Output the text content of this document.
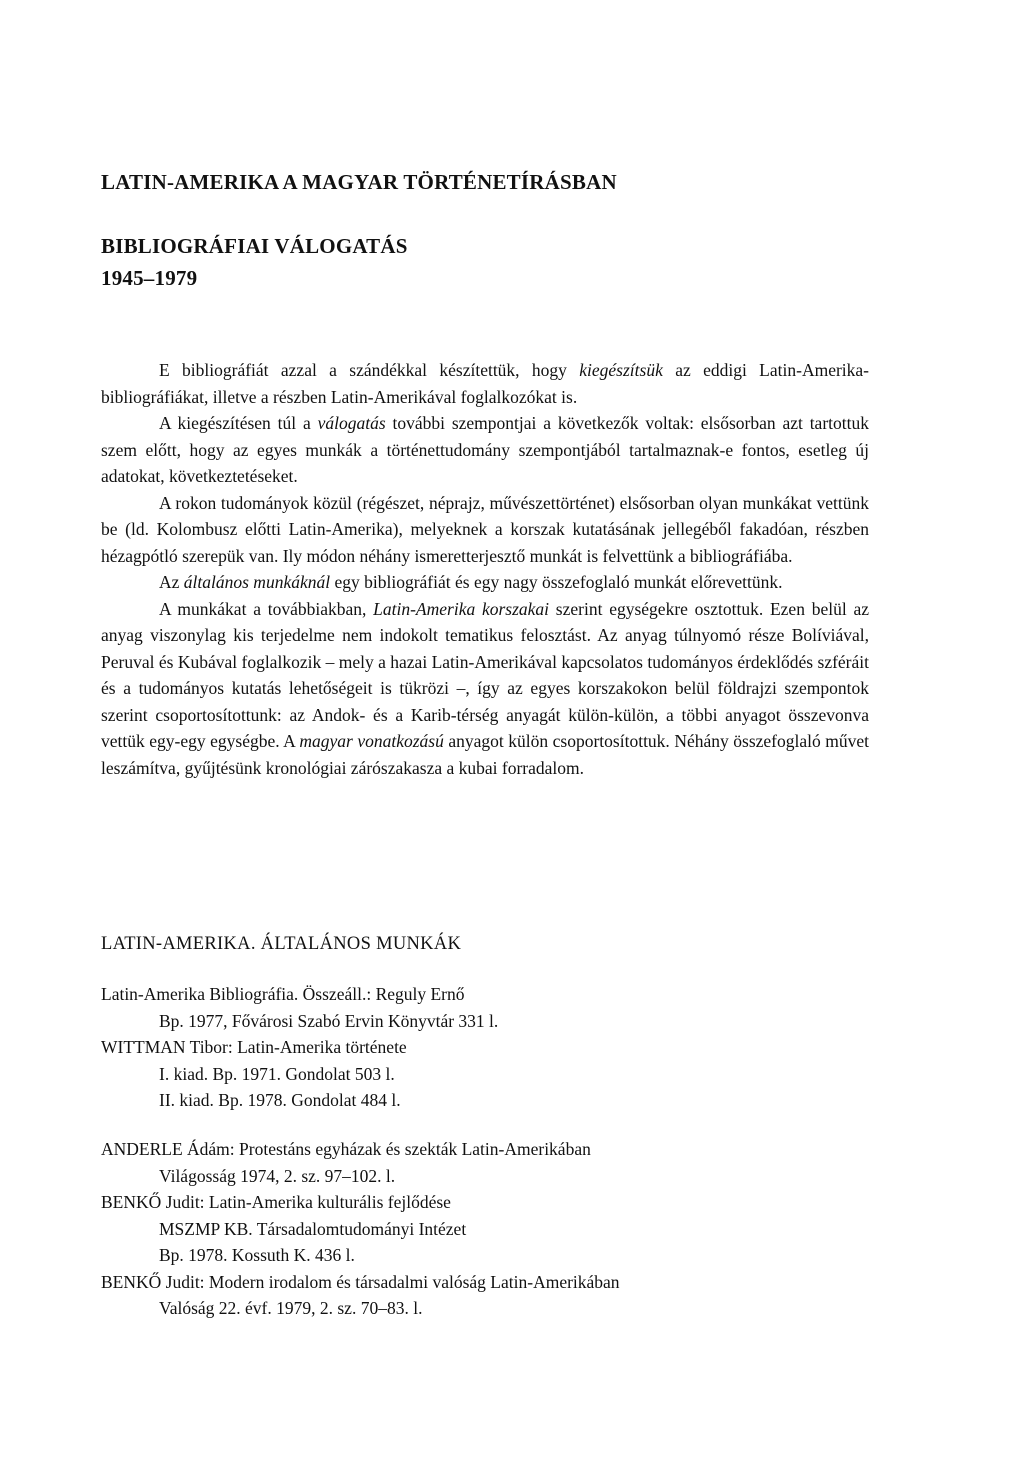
LATIN-AMERIKA A MAGYAR TÖRTÉNETÍRÁSBAN
BIBLIOGRÁFIAI VÁLOGATÁS
1945–1979

E bibliográfiát azzal a szándékkal készítettük, hogy kiegészítsük az eddigi Latin-Amerika-bibliográfiákat, illetve a részben Latin-Amerikával foglalkozókat is.

A kiegészítésen túl a válogatás további szempontjai a következők voltak: elsősorban azt tartottuk szem előtt, hogy az egyes munkák a történettudomány szempontjából tartalmaznak-e fontos, esetleg új adatokat, következtetéseket.

A rokon tudományok közül (régészet, néprajz, művészettörténet) elsősorban olyan munkákat vettünk be (ld. Kolombusz előtti Latin-Amerika), melyeknek a korszak kutatásának jellegéből fakadóan, részben hézagpótló szerepük van. Ily módon néhány ismeretterjesztő munkát is felvettünk a bibliográfiába.

Az általános munkáknál egy bibliográfiát és egy nagy összefoglaló munkát előrevettünk.

A munkákat a továbbiakban, Latin-Amerika korszakai szerint egységekre osztottuk. Ezen belül az anyag viszonylag kis terjedelme nem indokolt tematikus felosztást. Az anyag túlnyomó része Bolíviával, Peruval és Kubával foglalkozik – mely a hazai Latin-Amerikával kapcsolatos tudományos érdeklődés szféráit és a tudományos kutatás lehetőségeit is tükrözi –, így az egyes korszakokon belül földrajzi szempontok szerint csoportosítottunk: az Andok- és a Karib-térség anyagát külön-külön, a többi anyagot összevonva vettük egy-egy egységbe. A magyar vonatkozású anyagot külön csoportosítottuk. Néhány összefoglaló művet leszámítva, gyűjtésünk kronológiai zárószakasza a kubai forradalom.

LATIN-AMERIKA. ÁLTALÁNOS MUNKÁK
Latin-Amerika Bibliográfia. Összeáll.: Reguly Ernő
Bp. 1977, Fővárosi Szabó Ervin Könyvtár 331 l.
WITTMAN Tibor: Latin-Amerika története
I. kiad. Bp. 1971. Gondolat 503 l.
II. kiad. Bp. 1978. Gondolat 484 l.
ANDERLE Ádám: Protestáns egyházak és szekták Latin-Amerikában
Világosság 1974, 2. sz. 97–102. l.
BENKŐ Judit: Latin-Amerika kulturális fejlődése
MSZMP KB. Társadalomtudományi Intézet
Bp. 1978. Kossuth K. 436 l.
BENKŐ Judit: Modern irodalom és társadalmi valóság Latin-Amerikában
Valóság 22. évf. 1979, 2. sz. 70–83. l.
